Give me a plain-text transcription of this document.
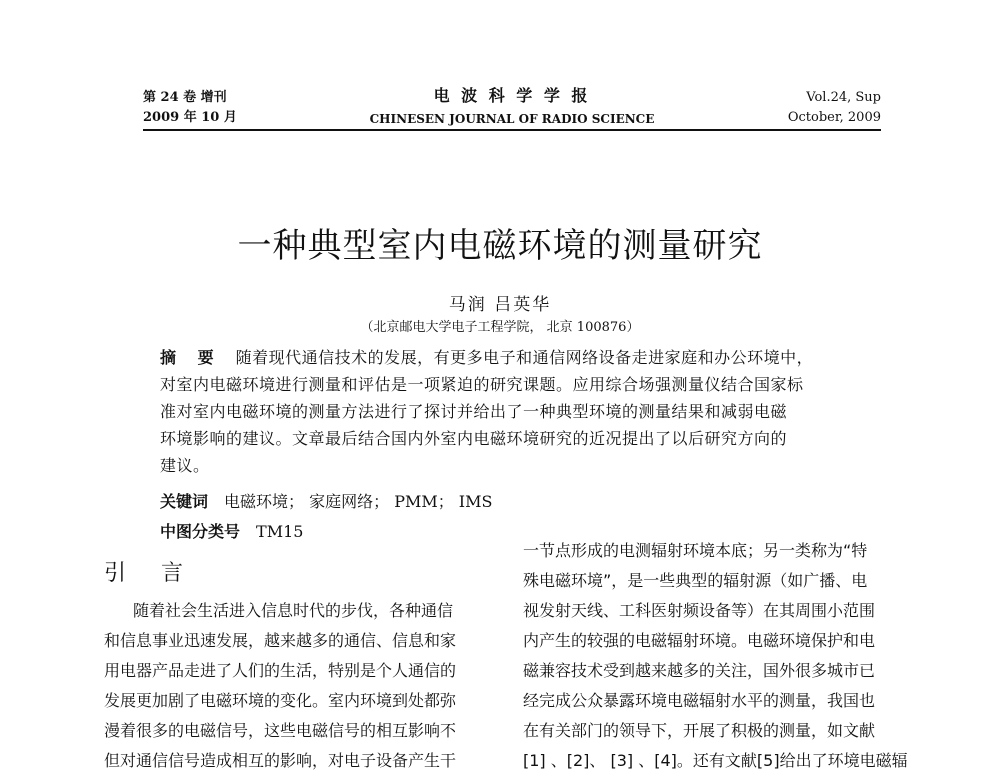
第 24 卷 增刊
2009 年 10 月
电 波 科 学 学 报
CHINESEN JOURNAL OF RADIO SCIENCE
Vol.24, Sup
October, 2009
一种典型室内电磁环境的测量研究
马润 吕英华
（北京邮电大学电子工程学院， 北京 100876）
摘 要 随着现代通信技术的发展，有更多电子和通信网络设备走进家庭和办公环境中，
对室内电磁环境进行测量和评估是一项紧迫的研究课题。应用综合场强测量仪结合国家标
准对室内电磁环境的测量方法进行了探讨并给出了一种典型环境的测量结果和减弱电磁
环境影响的建议。文章最后结合国内外室内电磁环境研究的近况提出了以后研究方向的
建议。
关键词 电磁环境； 家庭网络； PMM； IMS
中图分类号 TM15
引 言
随着社会生活进入信息时代的步伐，各种通信
和信息事业迅速发展，越来越多的通信、信息和家
用电器产品走进了人们的生活，特别是个人通信的
发展更加剧了电磁环境的变化。室内环境到处都弥
漫着很多的电磁信号，这些电磁信号的相互影响不
但对通信信号造成相互的影响，对电子设备产生干
一节点形成的电测辐射环境本底；另一类称为“特
殊电磁环境”，是一些典型的辐射源（如广播、电
视发射天线、工科医射频设备等）在其周围小范围
内产生的较强的电磁辐射环境。电磁环境保护和电
磁兼容技术受到越来越多的关注，国外很多城市已
经完成公众暴露环境电磁辐射水平的测量，我国也
在有关部门的领导下，开展了积极的测量，如文献
[1] 、[2]、 [3] 、[4]。还有文献[5]给出了环境电磁辐
